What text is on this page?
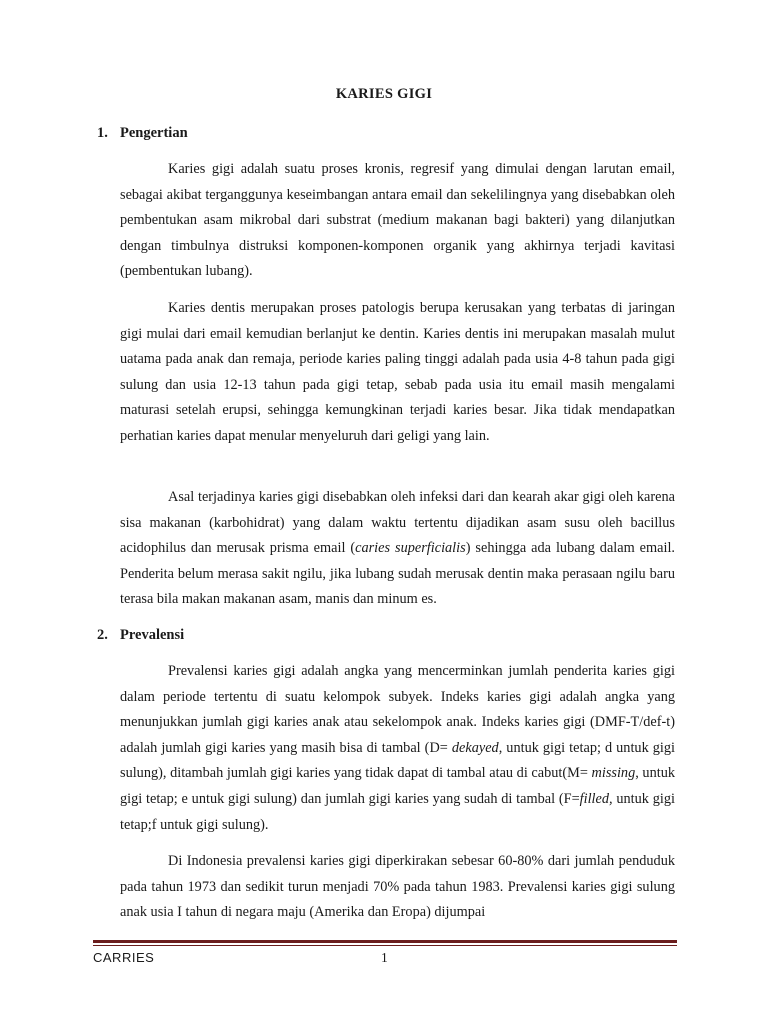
KARIES GIGI
1. Pengertian

Karies gigi adalah suatu proses kronis, regresif yang dimulai dengan larutan email, sebagai akibat terganggunya keseimbangan antara email dan sekelilingnya yang disebabkan oleh pembentukan asam mikrobal dari substrat (medium makanan bagi bakteri) yang dilanjutkan dengan timbulnya distruksi komponen-komponen organik yang akhirnya terjadi kavitasi (pembentukan lubang).

Karies dentis merupakan proses patologis berupa kerusakan yang terbatas di jaringan gigi mulai dari email kemudian berlanjut ke dentin. Karies dentis ini merupakan masalah mulut uatama pada anak dan remaja, periode karies paling tinggi adalah pada usia 4-8 tahun pada gigi sulung dan usia 12-13 tahun pada gigi tetap, sebab pada usia itu email masih mengalami maturasi setelah erupsi, sehingga kemungkinan terjadi karies besar. Jika tidak mendapatkan perhatian karies dapat menular menyeluruh dari geligi yang lain.

Asal terjadinya karies gigi disebabkan oleh infeksi dari dan kearah akar gigi oleh karena sisa makanan (karbohidrat) yang dalam waktu tertentu dijadikan asam susu oleh bacillus acidophilus dan merusak prisma email (caries superficialis) sehingga ada lubang dalam email. Penderita belum merasa sakit ngilu, jika lubang sudah merusak dentin maka perasaan ngilu baru terasa bila makan makanan asam, manis dan minum es.

2. Prevalensi

Prevalensi karies gigi adalah angka yang mencerminkan jumlah penderita karies gigi dalam periode tertentu di suatu kelompok subyek. Indeks karies gigi adalah angka yang menunjukkan jumlah gigi karies anak atau sekelompok anak. Indeks karies gigi (DMF-T/def-t) adalah jumlah gigi karies yang masih bisa di tambal (D= dekayed, untuk gigi tetap; d untuk gigi sulung), ditambah jumlah gigi karies yang tidak dapat di tambal atau di cabut(M= missing, untuk gigi tetap; e untuk gigi sulung) dan jumlah gigi karies yang sudah di tambal (F=filled, untuk gigi tetap;f untuk gigi sulung).

Di Indonesia prevalensi karies gigi diperkirakan sebesar 60-80% dari jumlah penduduk pada tahun 1973 dan sedikit turun menjadi 70% pada tahun 1983. Prevalensi karies gigi sulung anak usia I tahun di negara maju (Amerika dan Eropa) dijumpai

CARRIES	1
